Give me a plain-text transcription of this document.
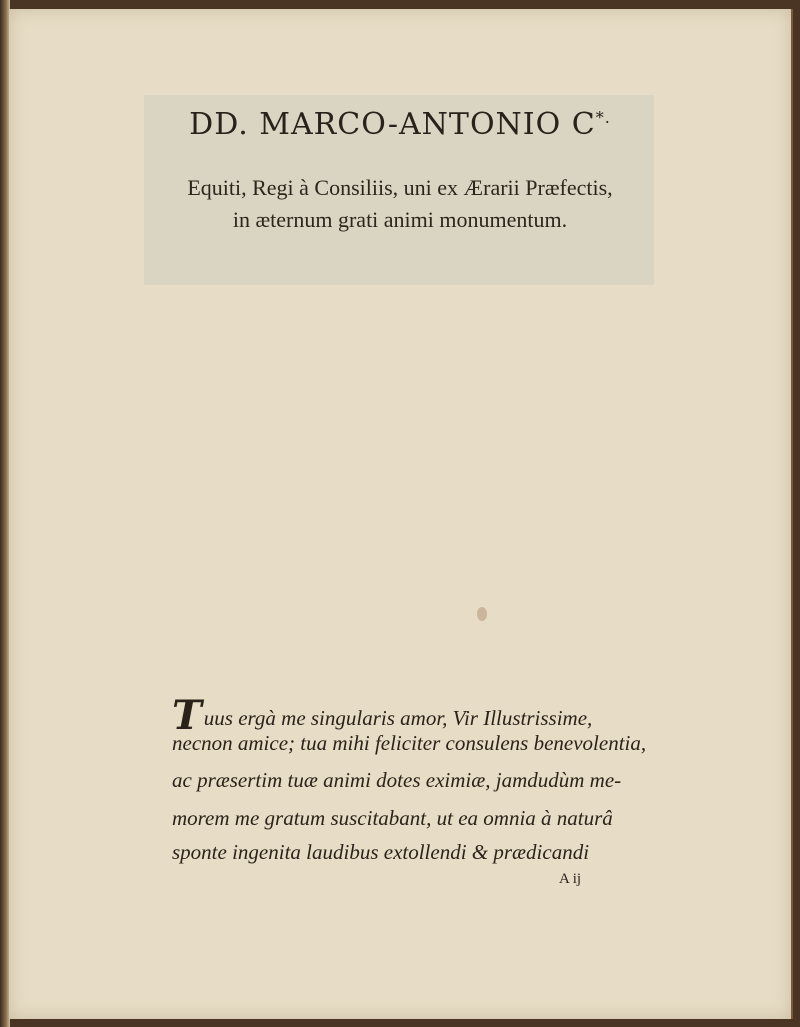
DD. MARCO-ANTONIO C*.

Equiti, Regi à Consiliis, uni ex Ærarii Præfectis,

in æternum grati animi monumentum.

Tuus ergà me singularis amor, Vir Illustrissime,

necnon amice; tua mihi feliciter consulens benevolentia,

ac præsertim tuæ animi dotes eximiæ, jamdudùm me-

morem me gratum suscitabant, ut ea omnia à naturâ

sponte ingenita laudibus extollendi & prædicandi

A ij
